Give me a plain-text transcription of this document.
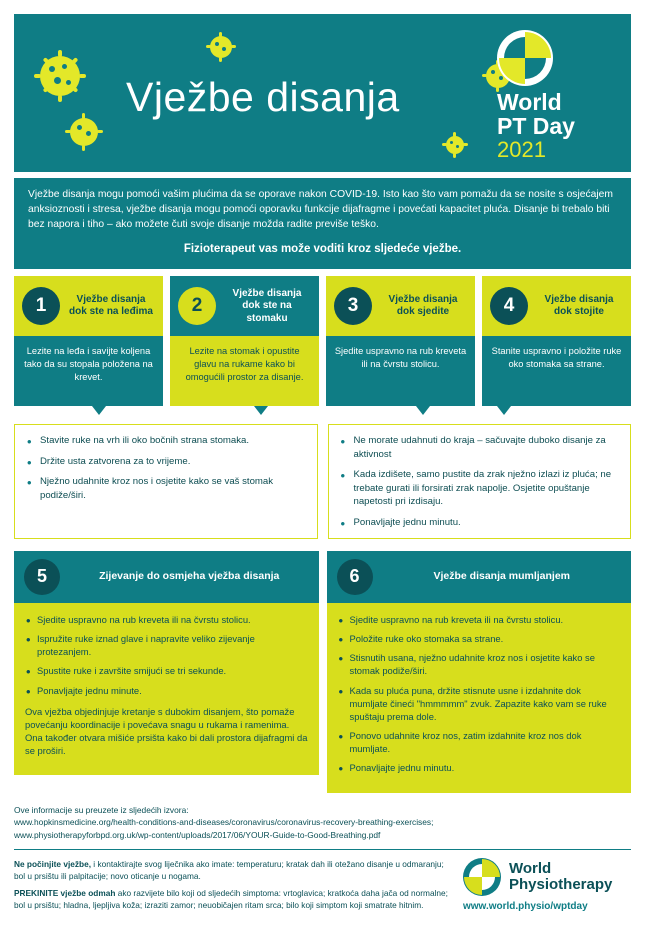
Vježbe disanja	World
PT Day
2021

Vježbe disanja mogu pomoći vašim plućima da se oporave nakon COVID-19. Isto kao što vam pomažu da se nosite s osjećajem anksioznosti i stresa, vježbe disanja mogu pomoći oporavku funkcije dijafragme i povećati kapacitet pluća. Disanje bi trebalo biti bez napora i tiho – ako možete čuti svoje disanje možda radite previše teško.

Fizioterapeut vas može voditi kroz sljedeće vježbe.

1	Vježbe disanja dok ste na leđima
Lezite na leđa i savijte koljena tako da su stopala položena na krevet.
2
Vježbe disanja dok ste na stomaku
Lezite na stomak i opustite glavu na rukame kako bi omogućili prostor za disanje.
3	Vježbe disanja dok sjedite
Sjedite uspravno na rub kreveta ili na čvrstu stolicu.
4	Vježbe disanja dok stojite
Stanite uspravno i položite ruke oko stomaka sa strane.
• Stavite ruke na vrh ili oko bočnih strana stomaka.
• Držite usta zatvorena za to vrijeme.
• Nježno udahnite kroz nos i osjetite kako se vaš stomak podiže/širi.
• Ne morate udahnuti do kraja – sačuvajte duboko disanje za aktivnost
• Kada izdišete, samo pustite da zrak nježno izlazi iz pluća; ne trebate gurati ili forsirati zrak napolje. Osjetite opuštanje napetosti pri izdisaju.
• Ponavljajte jednu minutu.
5	Zijevanje do osmjeha vježba disanja
• Sjedite uspravno na rub kreveta ili na čvrstu stolicu.
• Ispružite ruke iznad glave i napravite veliko zijevanje protezanjem.
• Spustite ruke i završite smijući se tri sekunde.
• Ponavljajte jednu minute.
Ova vježba objedinjuje kretanje s dubokim disanjem, što pomaže povećanju koordinacije i povećava snagu u rukama i ramenima. Ona također otvara mišiće prsišta kako bi dali prostora dijafragmi da se proširi.
6	Vježbe disanja mumljanjem
• Sjedite uspravno na rub kreveta ili na čvrstu stolicu.
• Položite ruke oko stomaka sa strane.
• Stisnutih usana, nježno udahnite kroz nos i osjetite kako se stomak podiže/širi.
• Kada su pluća puna, držite stisnute usne i izdahnite dok mumljate čineći "hmmmmm" zvuk. Zapazite kako vam se ruke spuštaju prema dole.
• Ponovo udahnite kroz nos, zatim izdahnite kroz nos dok mumljate.
• Ponavljajte jednu minutu.
Ove informacije su preuzete iz sljedećih izvora:
www.hopkinsmedicine.org/health-conditions-and-diseases/coronavirus/coronavirus-recovery-breathing-exercises;
www.physiotherapyforbpd.org.uk/wp-content/uploads/2017/06/YOUR-Guide-to-Good-Breathing.pdf

Ne počinjite vježbe, i kontaktirajte svog liječnika ako imate: temperaturu; kratak dah ili otežano disanje u odmaranju; bol u prsištu ili palpitacije; novo oticanje u nogama.

PREKINITE vježbe odmah ako razvijete bilo koji od sljedećih simptoma: vrtoglavica; kratkoća daha jača od normalne; bol u prsištu; hladna, ljepljiva koža; izraziti zamor; neuobičajen ritam srca; bilo koji simptom koji smatrate hitnim.

World
Physiotherapy
www.world.physio/wptday
